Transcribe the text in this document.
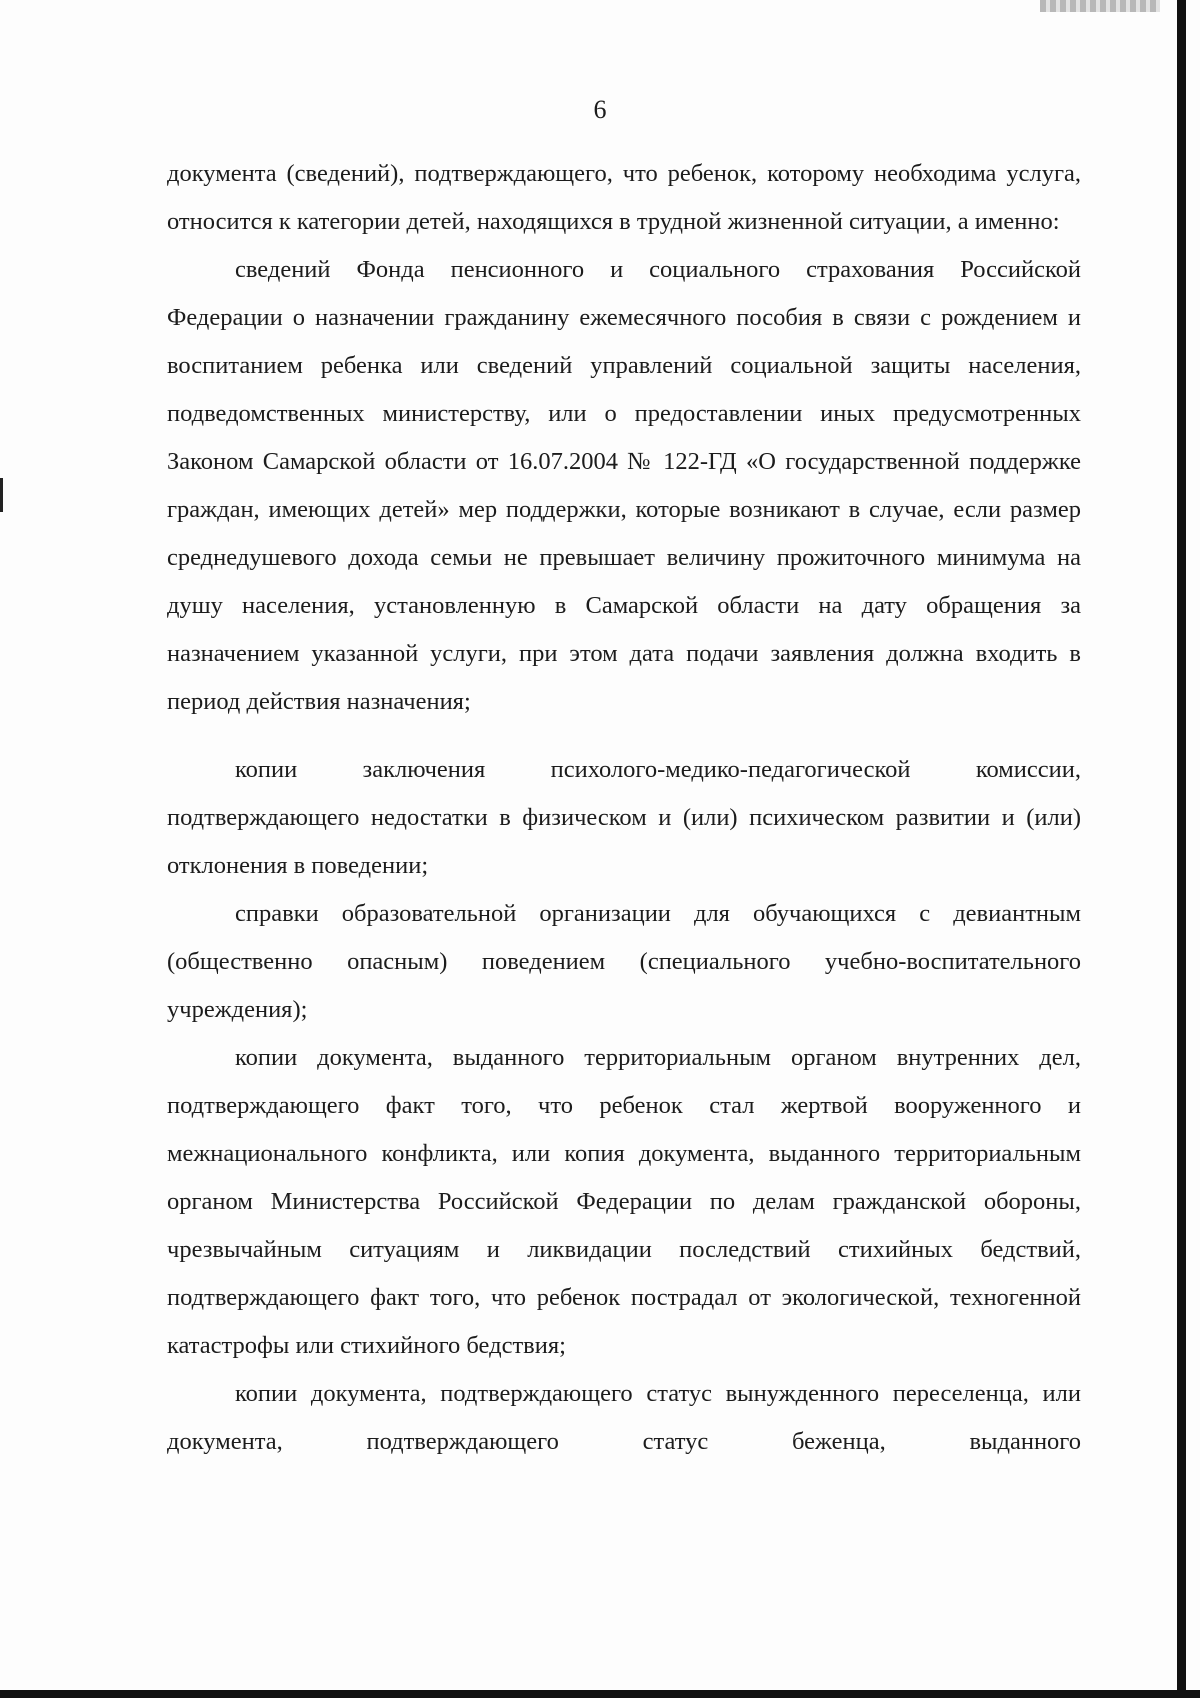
6

документа (сведений), подтверждающего, что ребенок, которому необходима услуга, относится к категории детей, находящихся в трудной жизненной ситуации, а именно:

сведений Фонда пенсионного и социального страхования Российской Федерации о назначении гражданину ежемесячного пособия в связи с рождением и воспитанием ребенка или сведений управлений социальной защиты населения, подведомственных министерству, или о предоставлении иных предусмотренных Законом Самарской области от 16.07.2004 № 122-ГД «О государственной поддержке граждан, имеющих детей» мер поддержки, которые возникают в случае, если размер среднедушевого дохода семьи не превышает величину прожиточного минимума на душу населения, установленную в Самарской области на дату обращения за назначением указанной услуги, при этом дата подачи заявления должна входить в период действия назначения;

копии заключения психолого-медико-педагогической комиссии, подтверждающего недостатки в физическом и (или) психическом развитии и (или) отклонения в поведении;

справки образовательной организации для обучающихся с девиантным (общественно опасным) поведением (специального учебно-воспитательного учреждения);

копии документа, выданного территориальным органом внутренних дел, подтверждающего факт того, что ребенок стал жертвой вооруженного и межнационального конфликта, или копия документа, выданного территориальным органом Министерства Российской Федерации по делам гражданской обороны, чрезвычайным ситуациям и ликвидации последствий стихийных бедствий, подтверждающего факт того, что ребенок пострадал от экологической, техногенной катастрофы или стихийного бедствия;

копии документа, подтверждающего статус вынужденного переселенца, или документа, подтверждающего статус беженца, выданного
